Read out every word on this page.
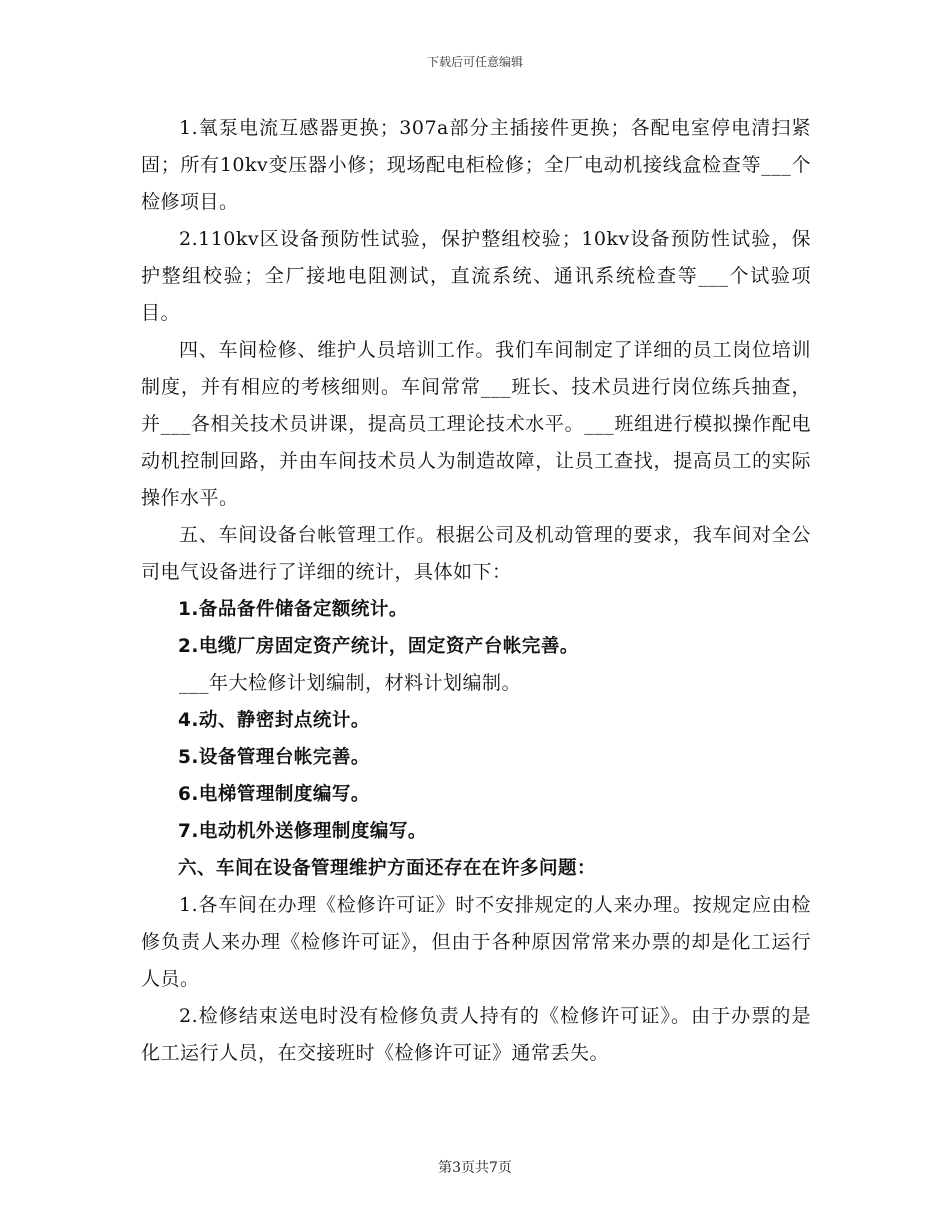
下载后可任意编辑

1.氧泵电流互感器更换；307a部分主插接件更换；各配电室停电清扫紧固；所有10kv变压器小修；现场配电柜检修；全厂电动机接线盒检查等___个检修项目。

2.110kv区设备预防性试验，保护整组校验；10kv设备预防性试验，保护整组校验；全厂接地电阻测试，直流系统、通讯系统检查等___个试验项目。

四、车间检修、维护人员培训工作。我们车间制定了详细的员工岗位培训制度，并有相应的考核细则。车间常常___班长、技术员进行岗位练兵抽查，并___各相关技术员讲课，提高员工理论技术水平。___班组进行模拟操作配电动机控制回路，并由车间技术员人为制造故障，让员工查找，提高员工的实际操作水平。

五、车间设备台帐管理工作。根据公司及机动管理的要求，我车间对全公司电气设备进行了详细的统计，具体如下：

1.备品备件储备定额统计。

2.电缆厂房固定资产统计，固定资产台帐完善。

___年大检修计划编制，材料计划编制。

4.动、静密封点统计。

5.设备管理台帐完善。

6.电梯管理制度编写。

7.电动机外送修理制度编写。

六、车间在设备管理维护方面还存在在许多问题：

1.各车间在办理《检修许可证》时不安排规定的人来办理。按规定应由检修负责人来办理《检修许可证》，但由于各种原因常常来办票的却是化工运行人员。

2.检修结束送电时没有检修负责人持有的《检修许可证》。由于办票的是化工运行人员，在交接班时《检修许可证》通常丢失。

第3页共7页
